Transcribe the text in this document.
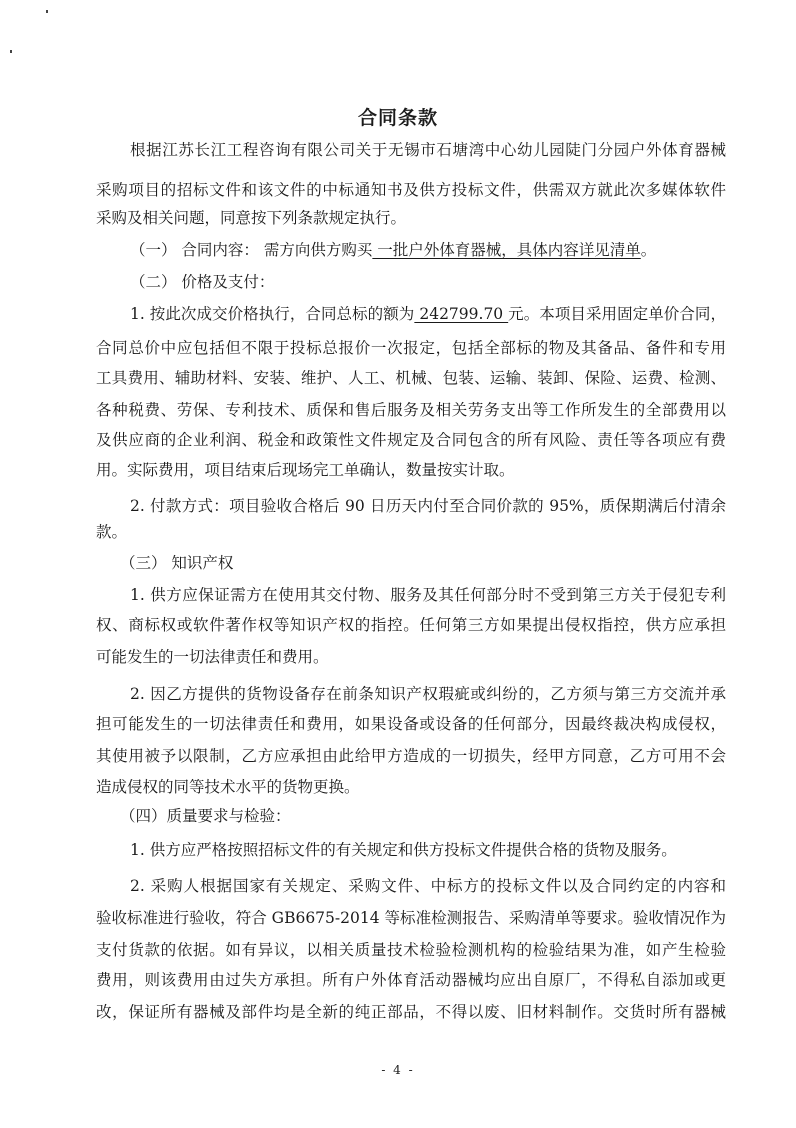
合同条款
根据江苏长江工程咨询有限公司关于无锡市石塘湾中心幼儿园陡门分园户外体育器械
采购项目的招标文件和该文件的中标通知书及供方投标文件，供需双方就此次多媒体软件
采购及相关问题，同意按下列条款规定执行。
（一） 合同内容： 需方向供方购买 一批户外体育器械，具体内容详见清单。
（二） 价格及支付：
1. 按此次成交价格执行，合同总标的额为 242799.70 元。本项目采用固定单价合同，
合同总价中应包括但不限于投标总报价一次报定，包括全部标的物及其备品、备件和专用
工具费用、辅助材料、安装、维护、人工、机械、包装、运输、装卸、保险、运费、检测、
各种税费、劳保、专利技术、质保和售后服务及相关劳务支出等工作所发生的全部费用以
及供应商的企业利润、税金和政策性文件规定及合同包含的所有风险、责任等各项应有费
用。实际费用，项目结束后现场完工单确认，数量按实计取。
2. 付款方式：项目验收合格后 90 日历天内付至合同价款的 95%，质保期满后付清余
款。
（三） 知识产权
1. 供方应保证需方在使用其交付物、服务及其任何部分时不受到第三方关于侵犯专利
权、商标权或软件著作权等知识产权的指控。任何第三方如果提出侵权指控，供方应承担
可能发生的一切法律责任和费用。
2. 因乙方提供的货物设备存在前条知识产权瑕疵或纠纷的，乙方须与第三方交流并承
担可能发生的一切法律责任和费用，如果设备或设备的任何部分，因最终裁决构成侵权，
其使用被予以限制，乙方应承担由此给甲方造成的一切损失，经甲方同意，乙方可用不会
造成侵权的同等技术水平的货物更换。
（四）质量要求与检验：
1. 供方应严格按照招标文件的有关规定和供方投标文件提供合格的货物及服务。
2. 采购人根据国家有关规定、采购文件、中标方的投标文件以及合同约定的内容和
验收标准进行验收，符合 GB6675-2014 等标准检测报告、采购清单等要求。验收情况作为
支付货款的依据。如有异议，以相关质量技术检验检测机构的检验结果为准，如产生检验
费用，则该费用由过失方承担。所有户外体育活动器械均应出自原厂，不得私自添加或更
改，保证所有器械及部件均是全新的纯正部品，不得以废、旧材料制作。交货时所有器械
- 4 -
